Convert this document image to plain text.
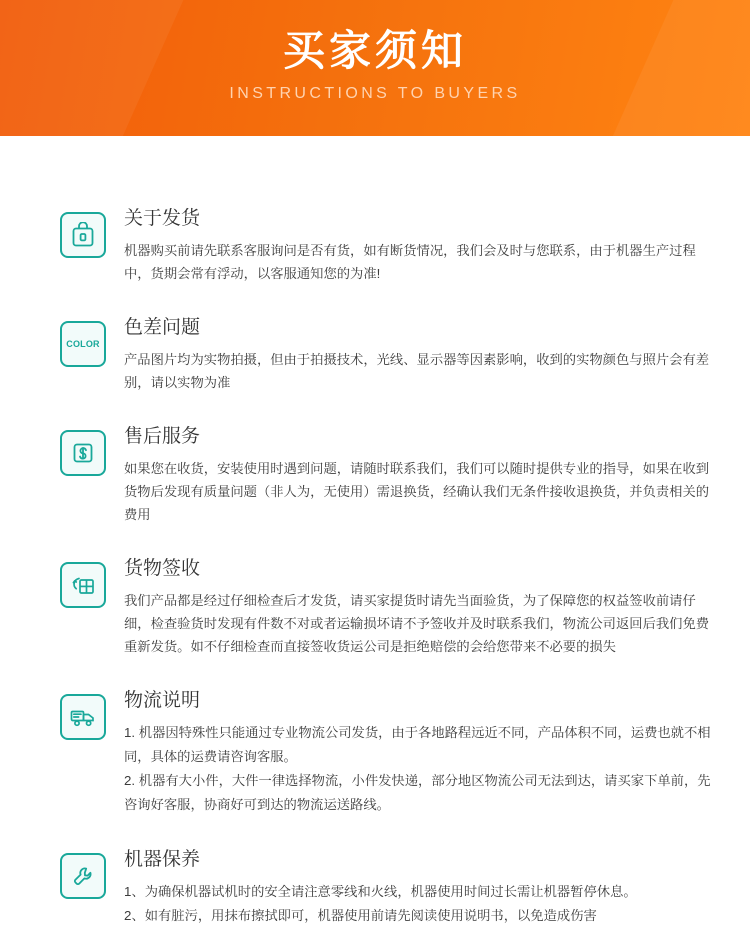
买家须知
INSTRUCTIONS TO BUYERS
关于发货

机器购买前请先联系客服询问是否有货，如有断货情况，我们会及时与您联系，由于机器生产过程中，货期会常有浮动，以客服通知您的为准!

COLOR
色差问题

产品图片均为实物拍摄，但由于拍摄技术，光线、显示器等因素影响，收到的实物颜色与照片会有差别，请以实物为准

售后服务

如果您在收货，安装使用时遇到问题，请随时联系我们，我们可以随时提供专业的指导，如果在收到货物后发现有质量问题（非人为，无使用）需退换货，经确认我们无条件接收退换货，并负责相关的费用

货物签收

我们产品都是经过仔细检查后才发货，请买家提货时请先当面验货，为了保障您的权益签收前请仔细，检查验货时发现有件数不对或者运输损坏请不予签收并及时联系我们，物流公司返回后我们免费重新发货。如不仔细检查而直接签收货运公司是拒绝赔偿的会给您带来不必要的损失

物流说明
1. 机器因特殊性只能通过专业物流公司发货，由于各地路程远近不同，产品体积不同，运费也就不相同，具体的运费请咨询客服。
2. 机器有大小件，大件一律选择物流，小件发快递，部分地区物流公司无法到达，请买家下单前，先咨询好客服，协商好可到达的物流运送路线。
机器保养
1、为确保机器试机时的安全请注意零线和火线，机器使用时间过长需让机器暂停休息。
2、如有脏污，用抹布擦拭即可，机器使用前请先阅读使用说明书，以免造成伤害
